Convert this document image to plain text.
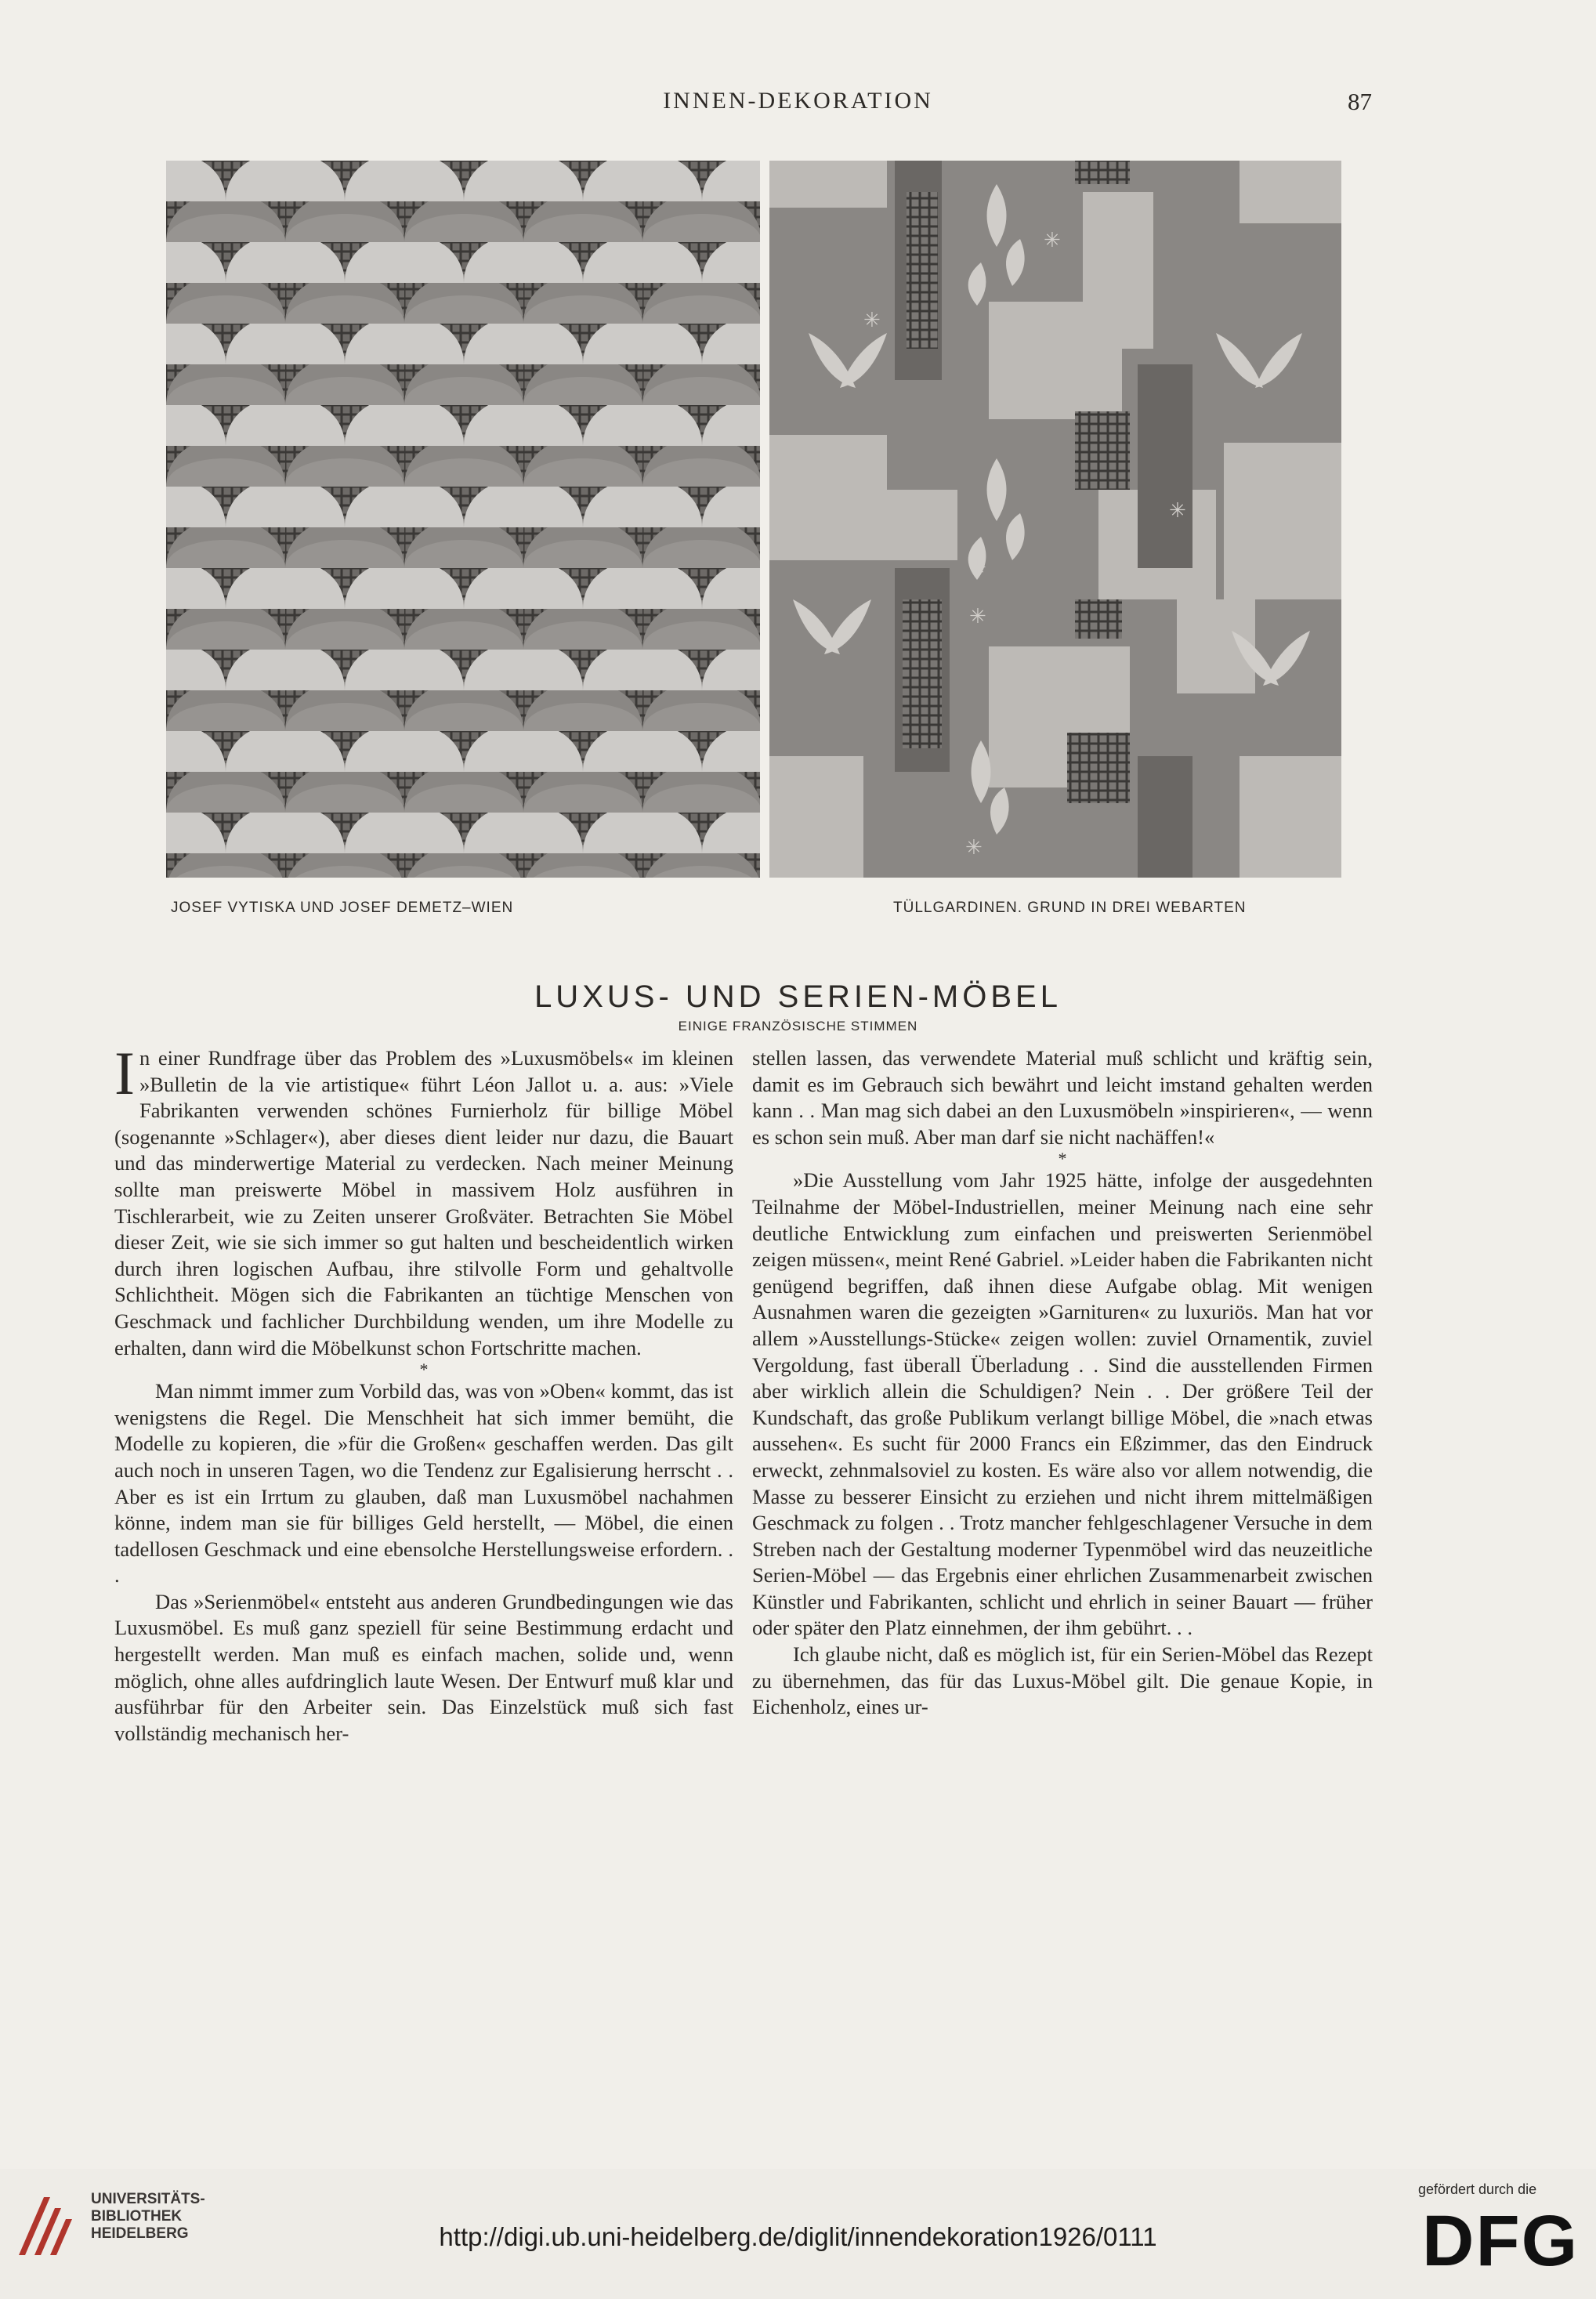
INNEN-DEKORATION	87
✳
✳
✳
✳
✳
✳
JOSEF VYTISKA UND JOSEF DEMETZ–WIEN	TÜLLGARDINEN. GRUND IN DREI WEBARTEN
LUXUS- UND SERIEN-MÖBEL
EINIGE FRANZÖSISCHE STIMMEN

In einer Rundfrage über das Problem des »Luxusmöbels« im kleinen »Bulletin de la vie artistique« führt Léon Jallot u. a. aus: »Viele Fabrikanten verwenden schönes Furnierholz für billige Möbel (sogenannte »Schlager«), aber dieses dient leider nur dazu, die Bauart und das minderwertige Material zu verdecken. Nach meiner Meinung sollte man preiswerte Möbel in massivem Holz ausführen in Tischlerarbeit, wie zu Zeiten unserer Großväter. Betrachten Sie Möbel dieser Zeit, wie sie sich immer so gut halten und bescheidentlich wirken durch ihren logischen Aufbau, ihre stilvolle Form und gehaltvolle Schlichtheit. Mögen sich die Fabrikanten an tüchtige Menschen von Geschmack und fachlicher Durchbildung wenden, um ihre Modelle zu erhalten, dann wird die Möbelkunst schon Fortschritte machen.

*

Man nimmt immer zum Vorbild das, was von »Oben« kommt, das ist wenigstens die Regel. Die Menschheit hat sich immer bemüht, die Modelle zu kopieren, die »für die Großen« geschaffen werden. Das gilt auch noch in unseren Tagen, wo die Tendenz zur Egalisierung herrscht . . Aber es ist ein Irrtum zu glauben, daß man Luxusmöbel nachahmen könne, indem man sie für billiges Geld herstellt, — Möbel, die einen tadellosen Geschmack und eine ebensolche Herstellungsweise erfordern. . .

Das »Serienmöbel« entsteht aus anderen Grundbedingungen wie das Luxusmöbel. Es muß ganz speziell für seine Bestimmung erdacht und hergestellt werden. Man muß es einfach machen, solide und, wenn möglich, ohne alles aufdringlich laute Wesen. Der Entwurf muß klar und ausführbar für den Arbeiter sein. Das Einzelstück muß sich fast vollständig mechanisch her-

stellen lassen, das verwendete Material muß schlicht und kräftig sein, damit es im Gebrauch sich bewährt und leicht imstand gehalten werden kann . . Man mag sich dabei an den Luxusmöbeln »inspirieren«, — wenn es schon sein muß. Aber man darf sie nicht nachäffen!«

*

»Die Ausstellung vom Jahr 1925 hätte, infolge der ausgedehnten Teilnahme der Möbel-Industriellen, meiner Meinung nach eine sehr deutliche Entwicklung zum einfachen und preiswerten Serienmöbel zeigen müssen«, meint René Gabriel. »Leider haben die Fabrikanten nicht genügend begriffen, daß ihnen diese Aufgabe oblag. Mit wenigen Ausnahmen waren die gezeigten »Garnituren« zu luxuriös. Man hat vor allem »Ausstellungs-Stücke« zeigen wollen: zuviel Ornamentik, zuviel Vergoldung, fast überall Überladung . . Sind die ausstellenden Firmen aber wirklich allein die Schuldigen? Nein . . Der größere Teil der Kundschaft, das große Publikum verlangt billige Möbel, die »nach etwas aussehen«. Es sucht für 2000 Francs ein Eßzimmer, das den Eindruck erweckt, zehnmalsoviel zu kosten. Es wäre also vor allem notwendig, die Masse zu besserer Einsicht zu erziehen und nicht ihrem mittelmäßigen Geschmack zu folgen . . Trotz mancher fehlgeschlagener Versuche in dem Streben nach der Gestaltung moderner Typenmöbel wird das neuzeitliche Serien-Möbel — das Ergebnis einer ehrlichen Zusammenarbeit zwischen Künstler und Fabrikanten, schlicht und ehrlich in seiner Bauart — früher oder später den Platz einnehmen, der ihm gebührt. . .

Ich glaube nicht, daß es möglich ist, für ein Serien-Möbel das Rezept zu übernehmen, das für das Luxus-Möbel gilt. Die genaue Kopie, in Eichenholz, eines ur-

UNIVERSITÄTS-
BIBLIOTHEK
HEIDELBERG	http://digi.ub.uni-heidelberg.de/diglit/innendekoration1926/0111
gefördert durch die
DFG
